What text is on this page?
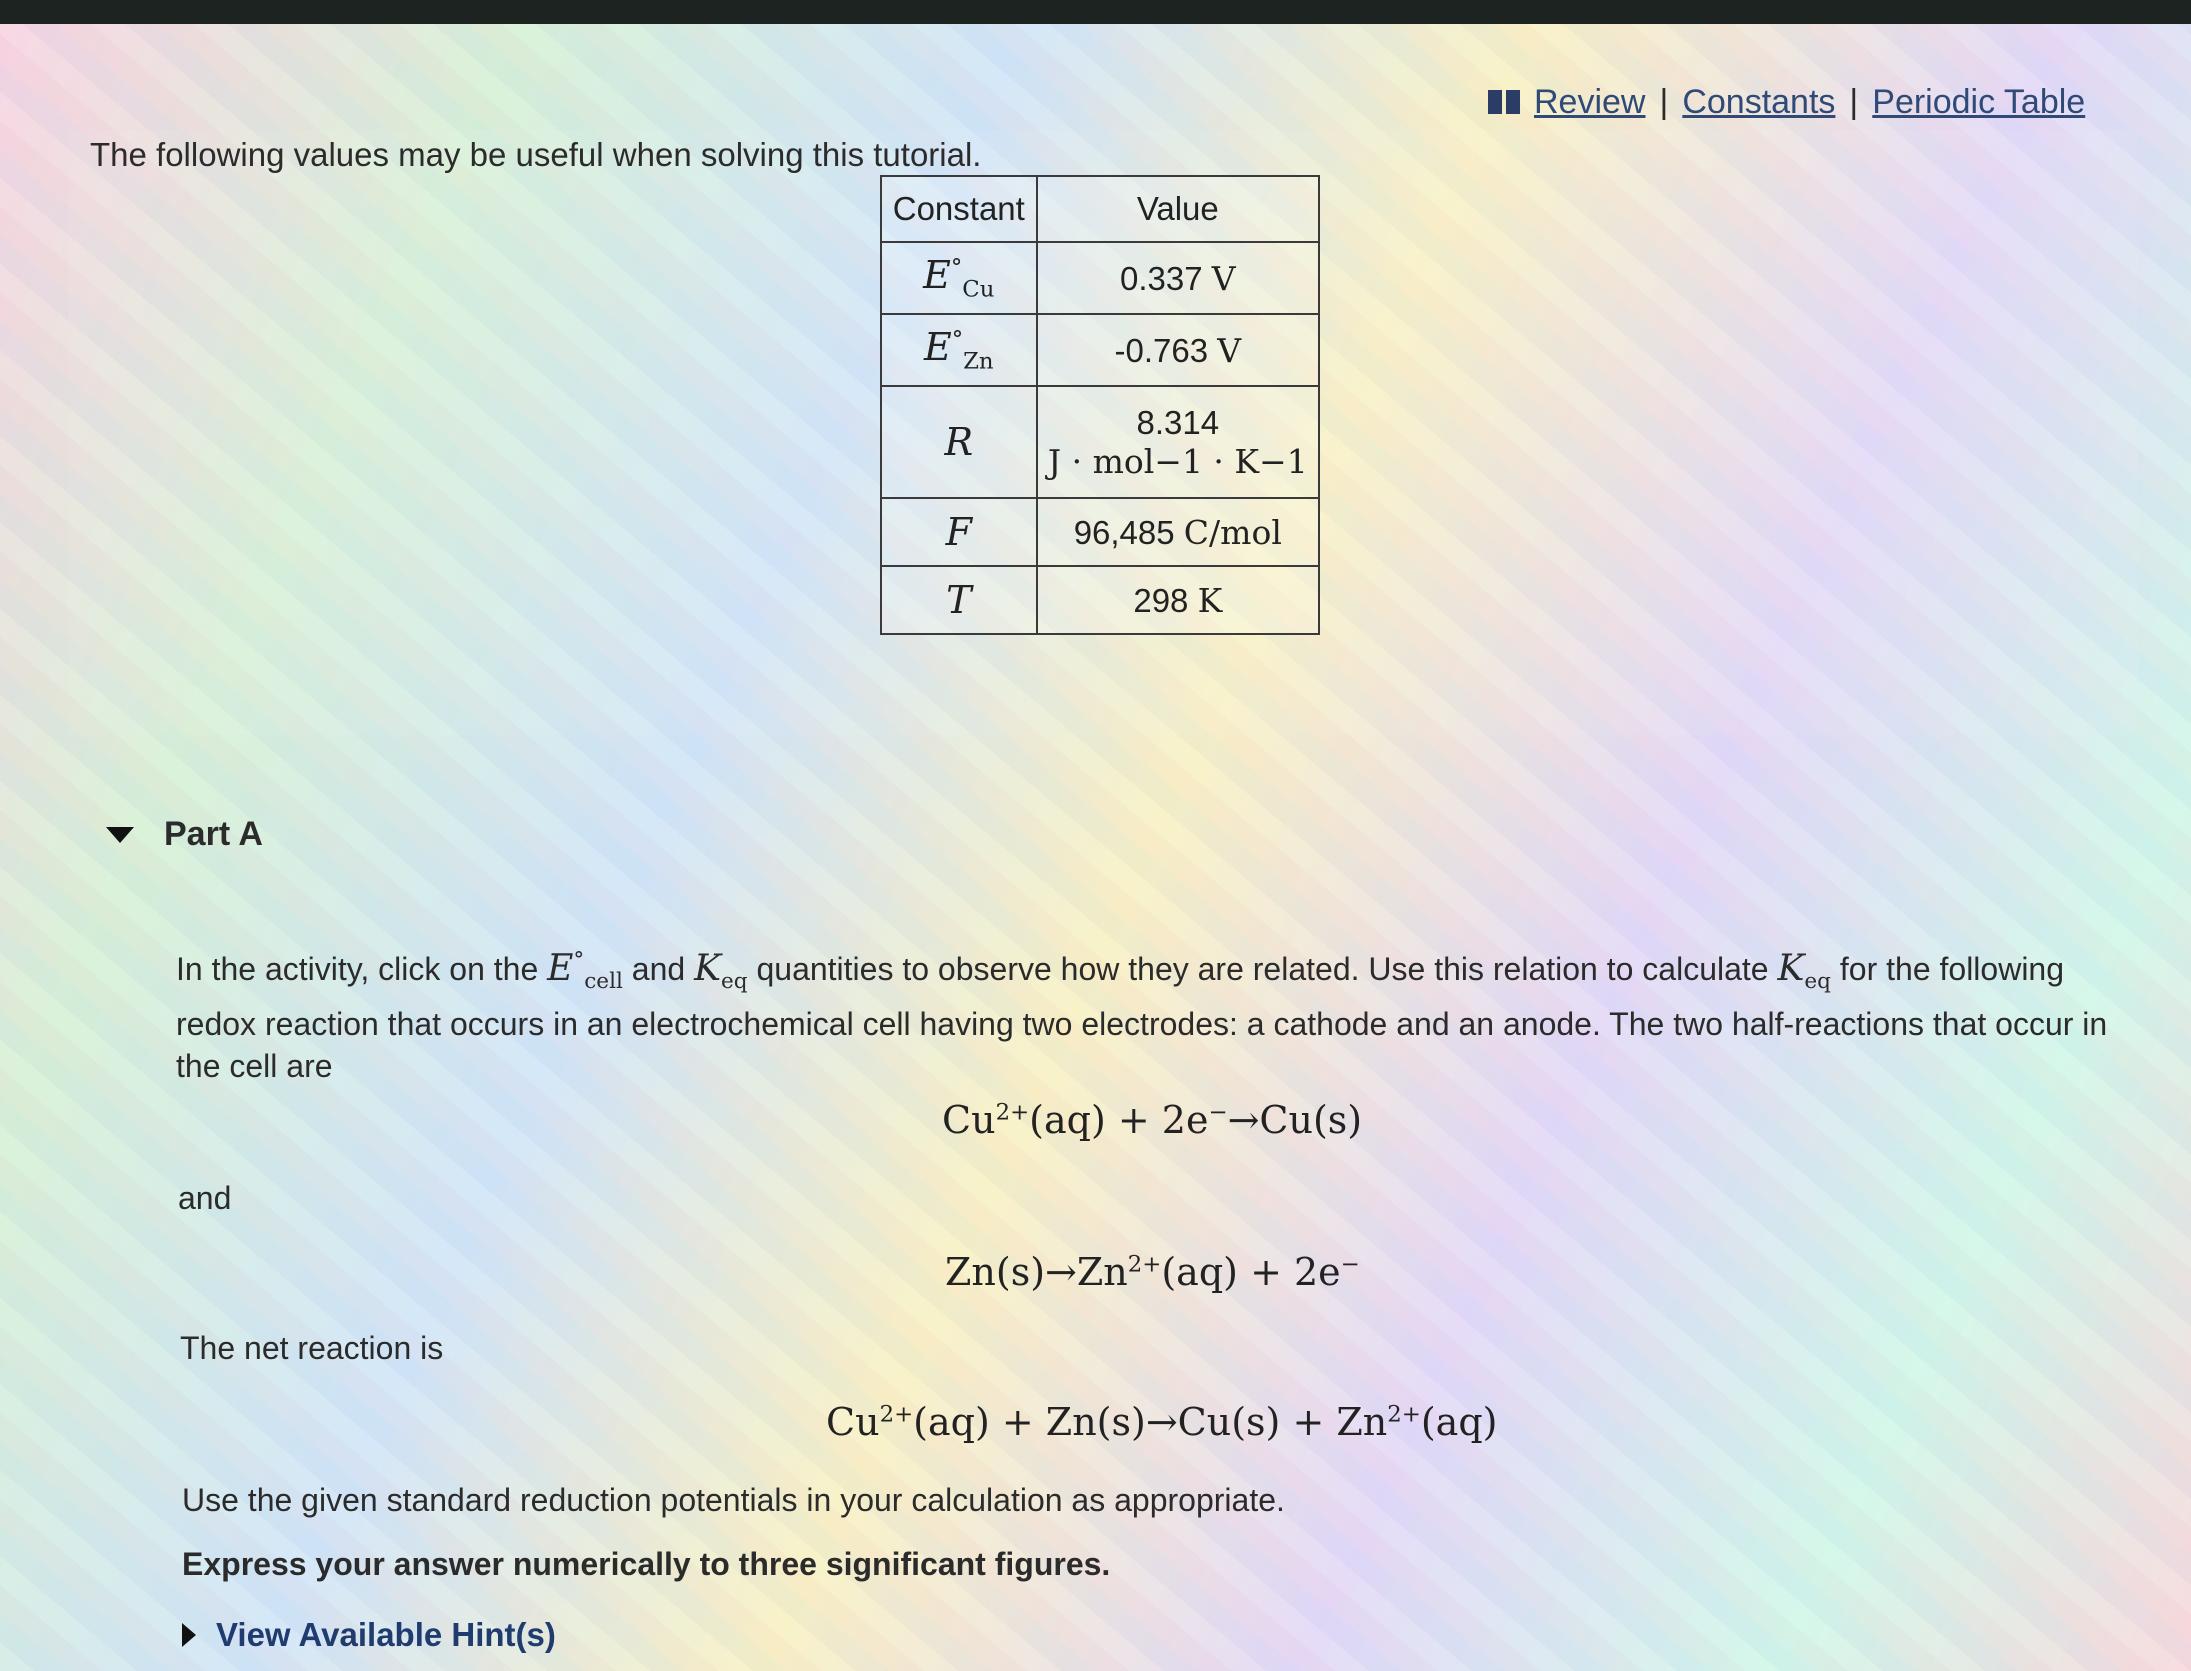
Review | Constants | Periodic Table
The following values may be useful when solving this tutorial.
Constant	Value
$E^\circ_{Cu}$	0.337 V
$E^\circ_{Zn}$	-0.763 V
R	8.314
J · mol−1 · K−1

F	96,485 C/mol
T	298 K
Part A
In the activity, click on the $E^\circ_{cell}$ and $K_{eq}$ quantities to observe how they are related. Use this relation to calculate $K_{eq}$ for the following redox reaction that occurs in an electrochemical cell having two electrodes: a cathode and an anode. The two half-reactions that occur in the cell are
$Cu^{2+}(aq) + 2e^-\to Cu(s)$
and
$Zn(s)\to Zn^{2+}(aq) + 2e^-$
The net reaction is
$Cu^{2+}(aq) + Zn(s)\to Cu(s) + Zn^{2+}(aq)$
Use the given standard reduction potentials in your calculation as appropriate.
Express your answer numerically to three significant figures.
View Available Hint(s)
